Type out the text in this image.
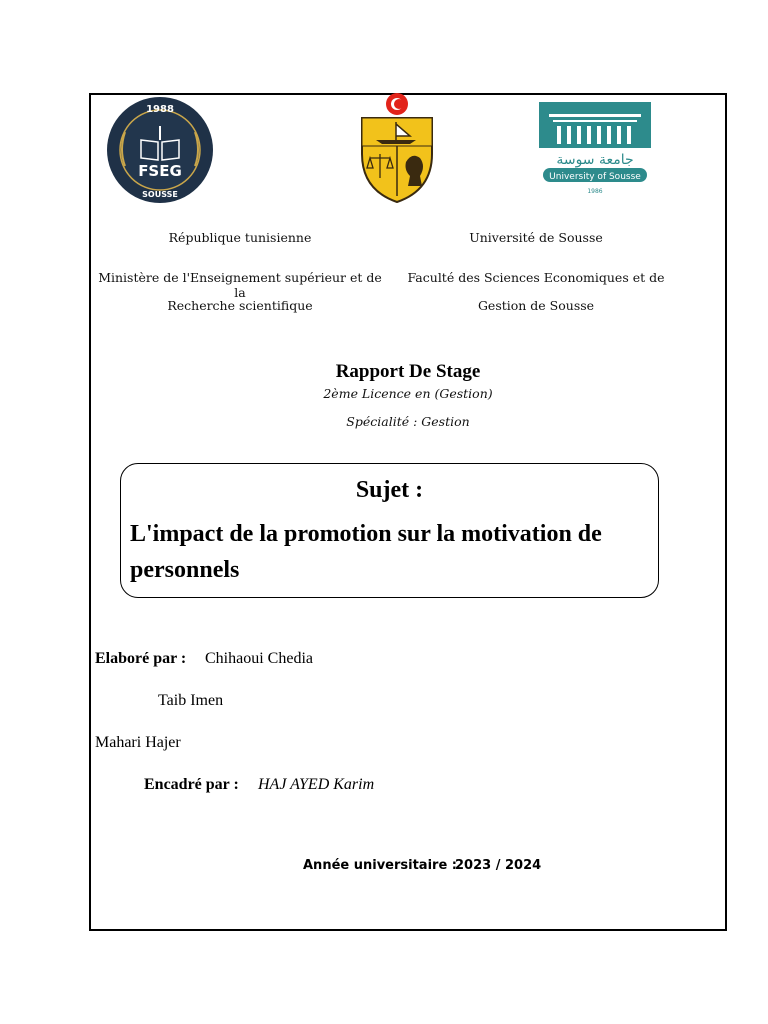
1988
FSEG
SOUSSE
جامعة سوسة
University of Sousse
1986
République tunisienne
Ministère de l'Enseignement supérieur et de la
Recherche scientifique
Université de Sousse
Faculté des Sciences Economiques et de
Gestion de Sousse
Rapport De Stage
2ème Licence en (Gestion)
Spécialité : Gestion
Sujet :
L'impact de la promotion sur la motivation de
personnels
Elaboré par : Chihaoui Chedia
Taib Imen
Mahari Hajer
Encadré par : HAJ AYED Karim
Année universitaire :
2023 / 2024
